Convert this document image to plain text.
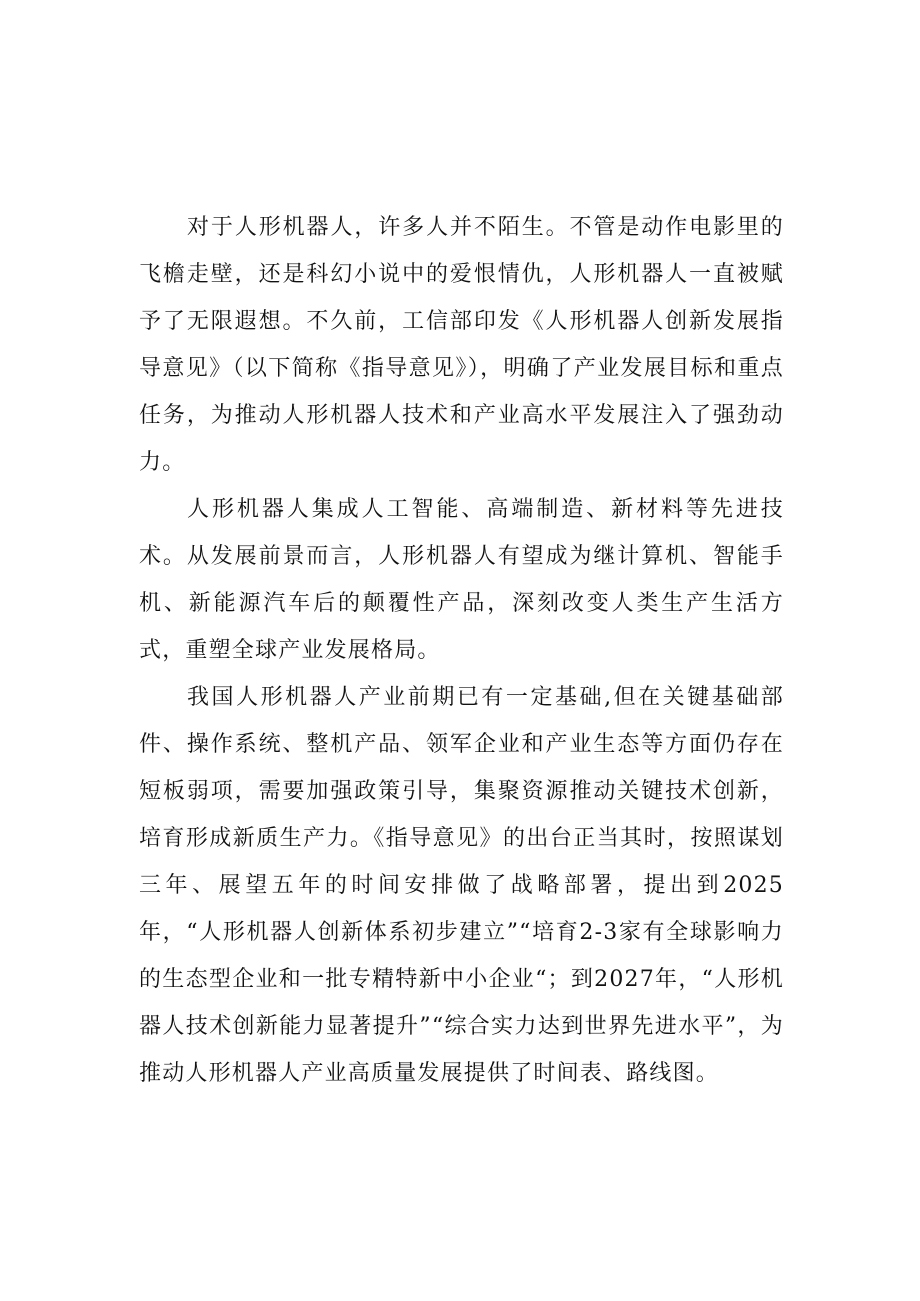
对于人形机器人，许多人并不陌生。不管是动作电影里的飞檐走壁，还是科幻小说中的爱恨情仇，人形机器人一直被赋予了无限遐想。不久前，工信部印发《人形机器人创新发展指导意见》（以下简称《指导意见》），明确了产业发展目标和重点任务，为推动人形机器人技术和产业高水平发展注入了强劲动力。

人形机器人集成人工智能、高端制造、新材料等先进技术。从发展前景而言，人形机器人有望成为继计算机、智能手机、新能源汽车后的颠覆性产品，深刻改变人类生产生活方式，重塑全球产业发展格局。

我国人形机器人产业前期已有一定基础,但在关键基础部件、操作系统、整机产品、领军企业和产业生态等方面仍存在短板弱项，需要加强政策引导，集聚资源推动关键技术创新，培育形成新质生产力。《指导意见》的出台正当其时，按照谋划三年、展望五年的时间安排做了战略部署，提出到2025年，“人形机器人创新体系初步建立”“培育2-3家有全球影响力的生态型企业和一批专精特新中小企业“；到2027年，“人形机器人技术创新能力显著提升”“综合实力达到世界先进水平”，为推动人形机器人产业高质量发展提供了时间表、路线图。
